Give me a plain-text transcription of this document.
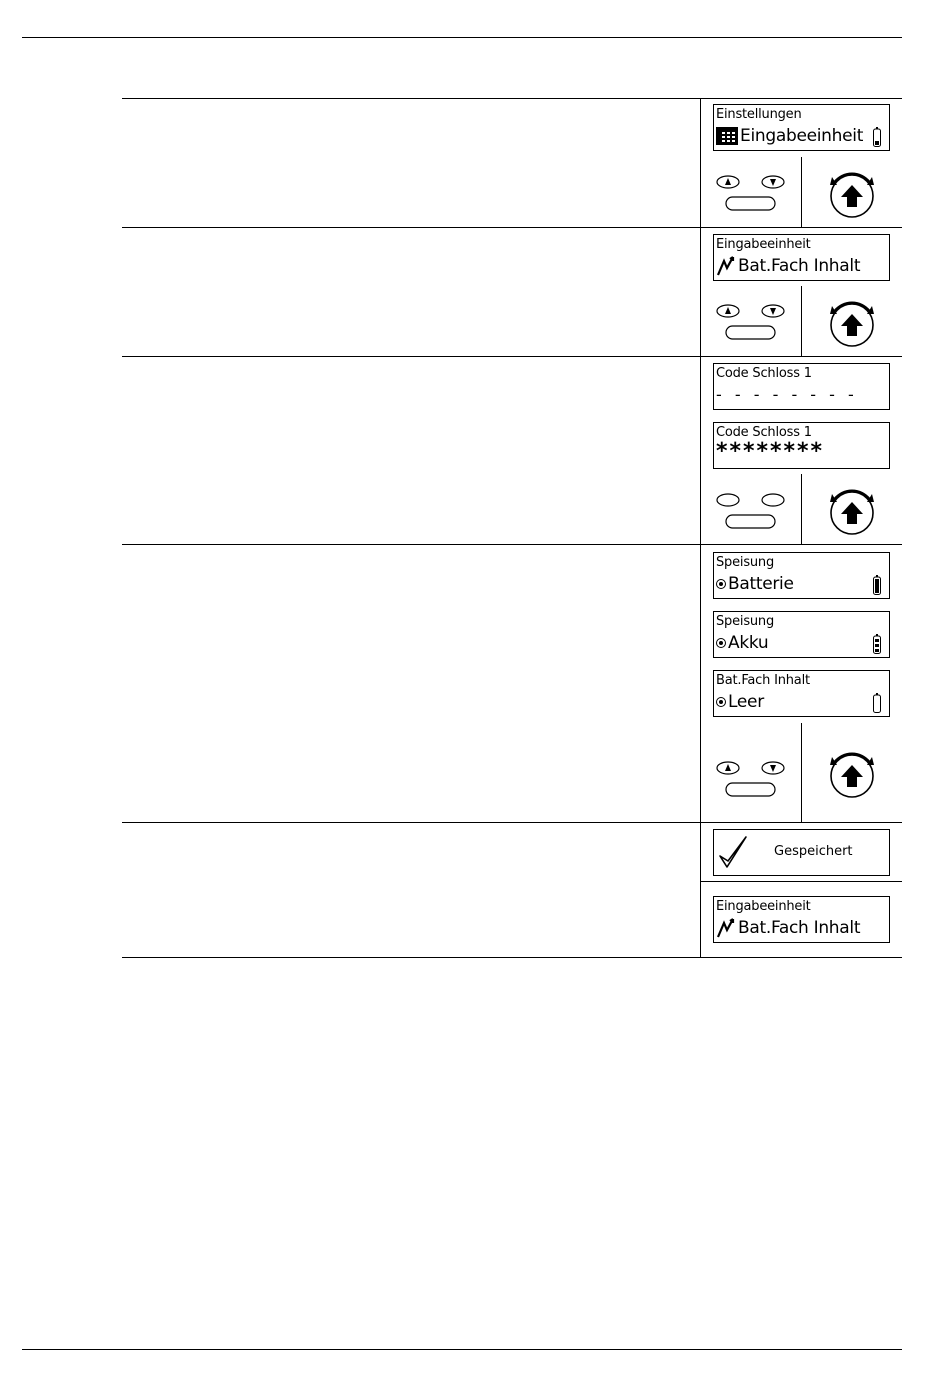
Einstellungen
Eingabeeinheit
Eingabeeinheit
Bat.Fach Inhalt
Code Schloss 1
- - - - - - - -
Code Schloss 1
********
Speisung
Batterie
Speisung
Akku
Bat.Fach Inhalt
Leer
Gespeichert
Eingabeeinheit
Bat.Fach Inhalt
